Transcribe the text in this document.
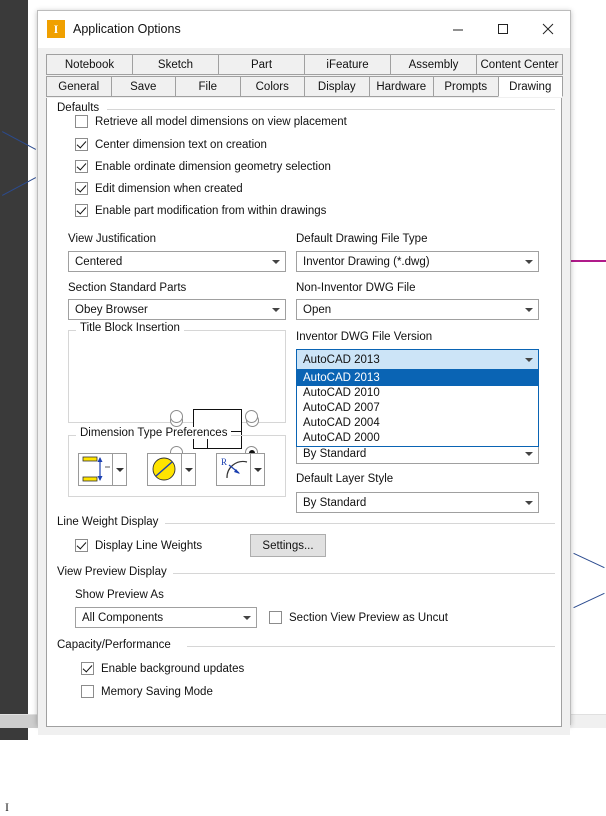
I
I	Application Options
Notebook	Sketch	Part	iFeature	Assembly	Content Center
General	Save	File	Colors	Display	Hardware	Prompts	Drawing
Defaults
Retrieve all model dimensions on view placement
Center dimension text on creation
Enable ordinate dimension geometry selection
Edit dimension when created
Enable part modification from within drawings
View Justification
Centered
Default Drawing File Type
Inventor Drawing (*.dwg)
Section Standard Parts
Obey Browser
Non-Inventor DWG File
Open
Title Block Insertion
Inventor DWG File Version
AutoCAD 2013
AutoCAD 2013
AutoCAD 2010
AutoCAD 2007
AutoCAD 2004
AutoCAD 2000
By Standard
Default Layer Style
By Standard
Dimension Type Preferences
R
Line Weight Display
Display Line Weights	Settings...
View Preview Display
Show Preview As
All Components	Section View Preview as Uncut
Capacity/Performance
Enable background updates
Memory Saving Mode
